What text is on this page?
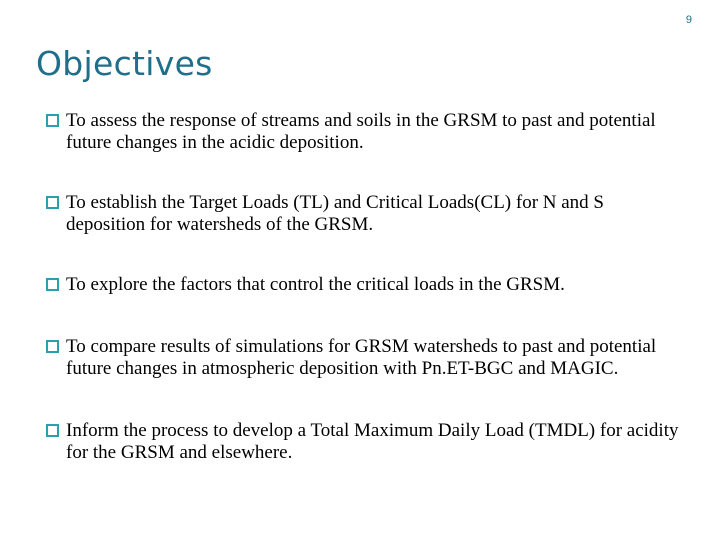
9
Objectives
To assess the response of streams and soils in the GRSM to past and potential future changes in the acidic deposition.
To establish the Target Loads (TL) and Critical Loads(CL) for N and S deposition for watersheds of the GRSM.
To explore the factors that control the critical loads in the GRSM.
To compare results of simulations for GRSM watersheds to past and potential future changes in atmospheric deposition with Pn.ET-BGC and MAGIC.
Inform the process to develop a Total Maximum Daily Load (TMDL) for acidity for the GRSM and elsewhere.
